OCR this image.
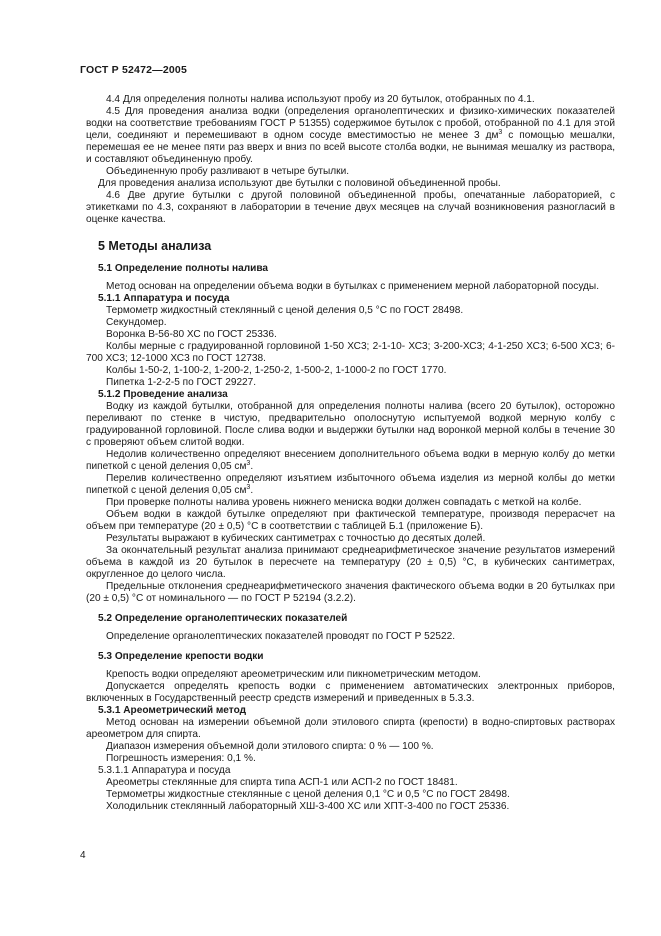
ГОСТ Р 52472—2005

4.4 Для определения полноты налива используют пробу из 20 бутылок, отобранных по 4.1.

4.5 Для проведения анализа водки (определения органолептических и физико-химических показателей водки на соответствие требованиям ГОСТ Р 51355) содержимое бутылок с пробой, отобранной по 4.1 для этой цели, соединяют и перемешивают в одном сосуде вместимостью не менее 3 $дм^3$ с помощью мешалки, перемешая ее не менее пяти раз вверх и вниз по всей высоте столба водки, не вынимая мешалку из раствора, и составляют объединенную пробу.

Объединенную пробу разливают в четыре бутылки.

Для проведения анализа используют две бутылки с половиной объединенной пробы.

4.6 Две другие бутылки с другой половиной объединенной пробы, опечатанные лабораторией, с этикетками по 4.3, сохраняют в лаборатории в течение двух месяцев на случай возникновения разногласий в оценке качества.

5 Методы анализа
5.1 Определение полноты налива

Метод основан на определении объема водки в бутылках с применением мерной лабораторной посуды.

5.1.1 Аппаратура и посуда

Термометр жидкостный стеклянный с ценой деления 0,5 °С по ГОСТ 28498.

Секундомер.

Воронка В-56-80 ХС по ГОСТ 25336.

Колбы мерные с градуированной горловиной 1-50 ХС3; 2-1-10- ХС3; 3-200-ХС3; 4-1-250 ХС3; 6-500 ХС3; 6-700 ХС3; 12-1000 ХС3 по ГОСТ 12738.

Колбы 1-50-2, 1-100-2, 1-200-2, 1-250-2, 1-500-2, 1-1000-2 по ГОСТ 1770.

Пипетка 1-2-2-5 по ГОСТ 29227.

5.1.2 Проведение анализа

Водку из каждой бутылки, отобранной для определения полноты налива (всего 20 бутылок), осторожно переливают по стенке в чистую, предварительно ополоснутую испытуемой водкой мерную колбу с градуированной горловиной. После слива водки и выдержки бутылки над воронкой мерной колбы в течение 30 с проверяют объем слитой водки.

Недолив количественно определяют внесением дополнительного объема водки в мерную колбу до метки пипеткой с ценой деления 0,05 $см^3$.

Перелив количественно определяют изъятием избыточного объема изделия из мерной колбы до метки пипеткой с ценой деления 0,05 $см^3$.

При проверке полноты налива уровень нижнего мениска водки должен совпадать с меткой на колбе.

Объем водки в каждой бутылке определяют при фактической температуре, производя перерасчет на объем при температуре (20 ± 0,5) °С в соответствии с таблицей Б.1 (приложение Б).

Результаты выражают в кубических сантиметрах с точностью до десятых долей.

За окончательный результат анализа принимают среднеарифметическое значение результатов измерений объема в каждой из 20 бутылок в пересчете на температуру (20 ± 0,5) °С, в кубических сантиметрах, округленное до целого числа.

Предельные отклонения среднеарифметического значения фактического объема водки в 20 бутылках при (20 ± 0,5) °С от номинального — по ГОСТ Р 52194 (3.2.2).

5.2 Определение органолептических показателей

Определение органолептических показателей проводят по ГОСТ Р 52522.

5.3 Определение крепости водки

Крепость водки определяют ареометрическим или пикнометрическим методом.

Допускается определять крепость водки с применением автоматических электронных приборов, включенных в Государственный реестр средств измерений и приведенных в 5.3.3.

5.3.1 Ареометрический метод

Метод основан на измерении объемной доли этилового спирта (крепости) в водно-спиртовых растворах ареометром для спирта.

Диапазон измерения объемной доли этилового спирта: 0 % — 100 %.

Погрешность измерения: 0,1 %.

5.3.1.1 Аппаратура и посуда

Ареометры стеклянные для спирта типа АСП-1 или АСП-2 по ГОСТ 18481.

Термометры жидкостные стеклянные с ценой деления 0,1 °С и 0,5 °С по ГОСТ 28498.

Холодильник стеклянный лабораторный ХШ-3-400 ХС или ХПТ-3-400 по ГОСТ 25336.

4
